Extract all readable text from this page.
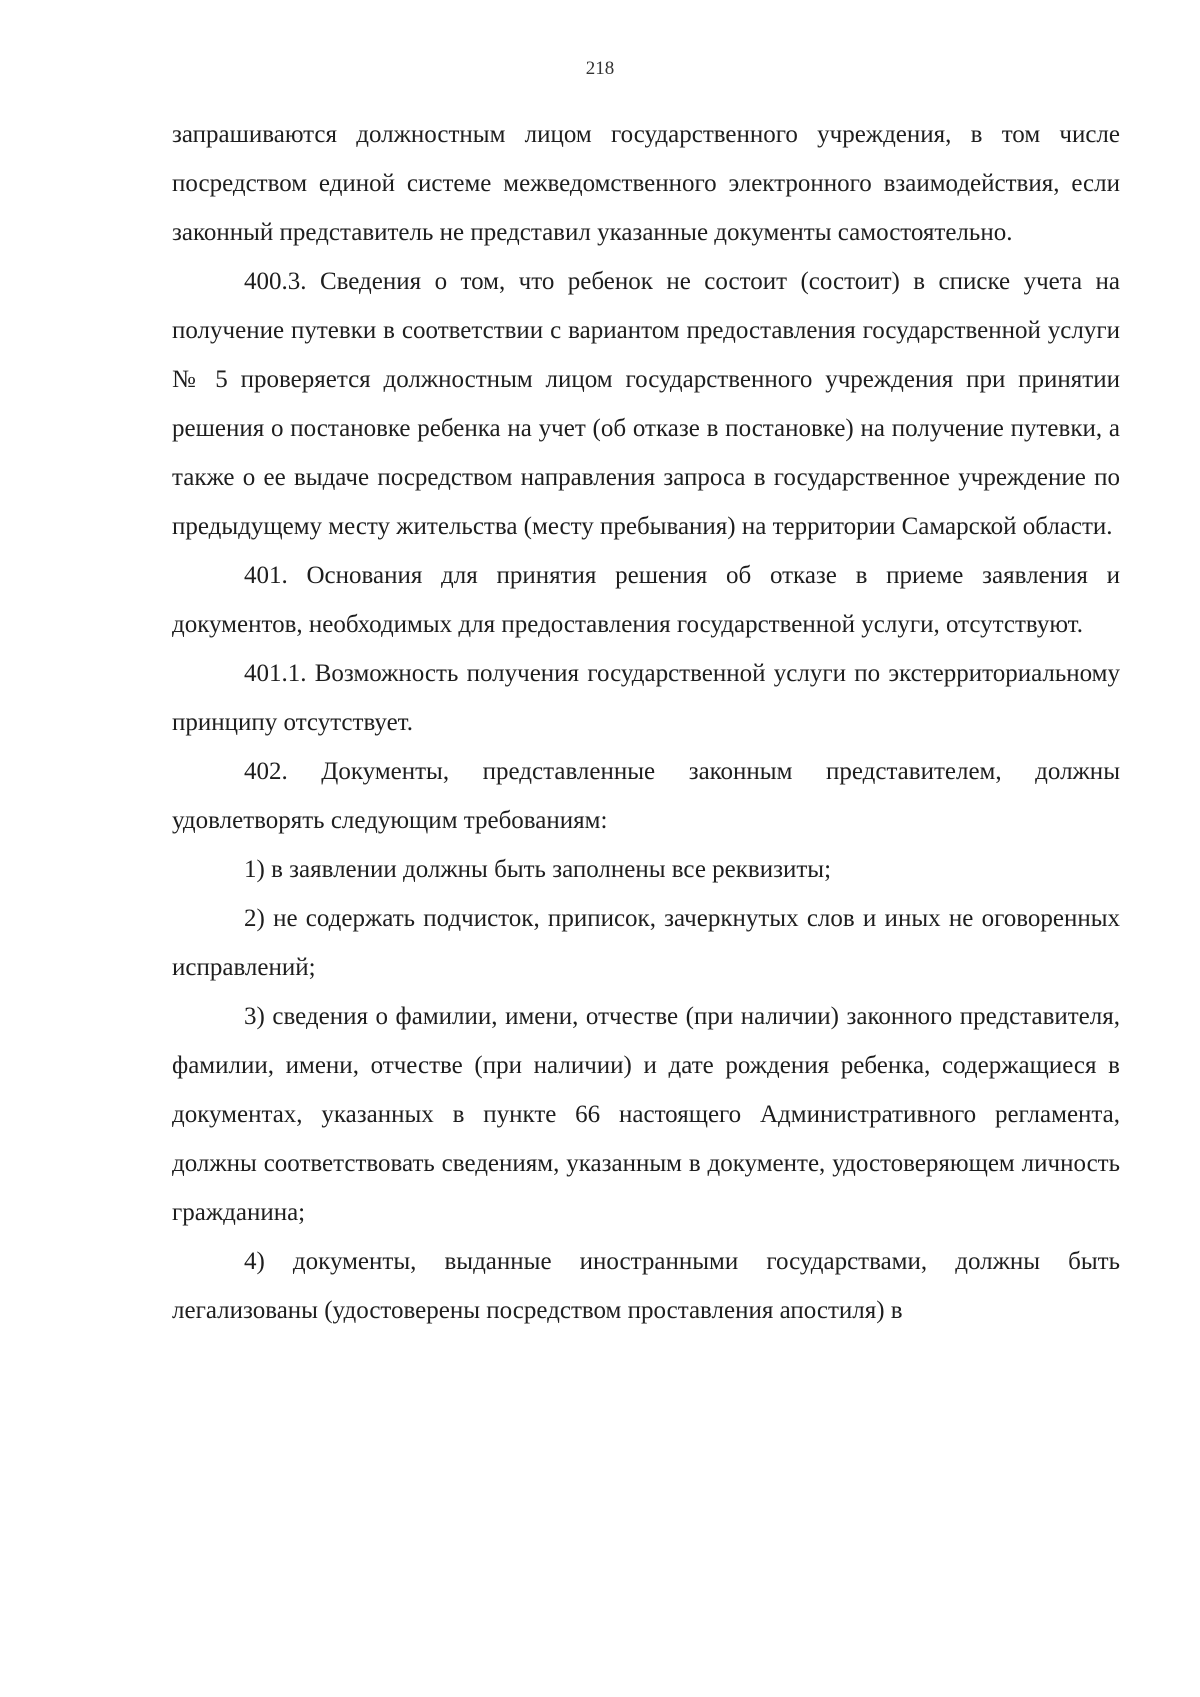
218

запрашиваются должностным лицом государственного учреждения, в том числе посредством единой системе межведомственного электронного взаимодействия, если законный представитель не представил указанные документы самостоятельно.

400.3. Сведения о том, что ребенок не состоит (состоит) в списке учета на получение путевки в соответствии с вариантом предоставления государственной услуги № 5 проверяется должностным лицом государственного учреждения при принятии решения о постановке ребенка на учет (об отказе в постановке) на получение путевки, а также о ее выдаче посредством направления запроса в государственное учреждение по предыдущему месту жительства (месту пребывания) на территории Самарской области.

401. Основания для принятия решения об отказе в приеме заявления и документов, необходимых для предоставления государственной услуги, отсутствуют.

401.1. Возможность получения государственной услуги по экстерриториальному принципу отсутствует.

402. Документы, представленные законным представителем, должны удовлетворять следующим требованиям:

1) в заявлении должны быть заполнены все реквизиты;

2) не содержать подчисток, приписок, зачеркнутых слов и иных не оговоренных исправлений;

3) сведения о фамилии, имени, отчестве (при наличии) законного представителя, фамилии, имени, отчестве (при наличии) и дате рождения ребенка, содержащиеся в документах, указанных в пункте 66 настоящего Административного регламента, должны соответствовать сведениям, указанным в документе, удостоверяющем личность гражданина;

4) документы, выданные иностранными государствами, должны быть легализованы (удостоверены посредством проставления апостиля) в
